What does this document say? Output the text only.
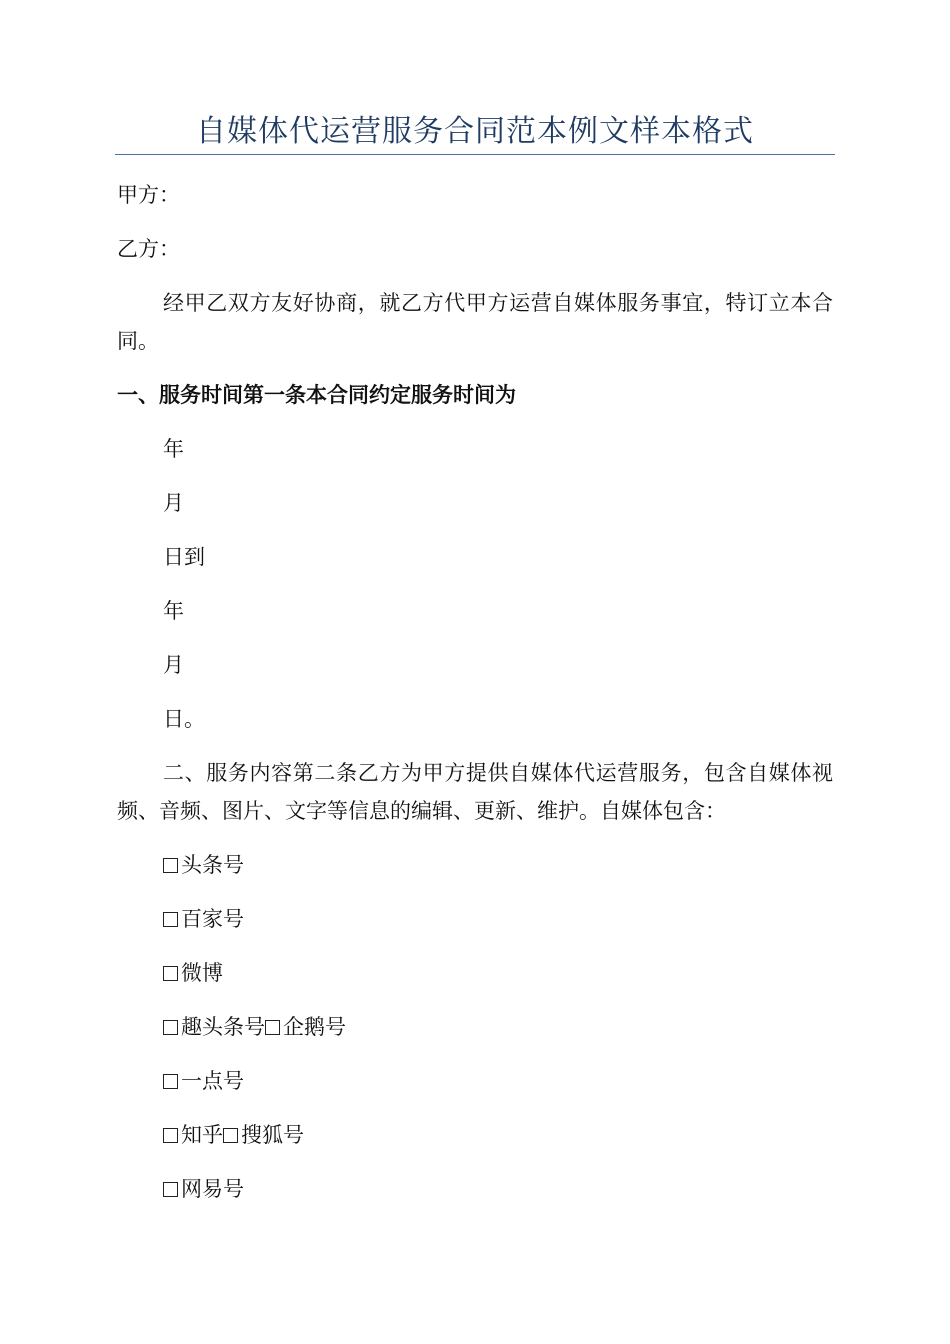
自媒体代运营服务合同范本例文样本格式
甲方：
乙方：
经甲乙双方友好协商，就乙方代甲方运营自媒体服务事宜，特订立本合同。
一、服务时间第一条本合同约定服务时间为
年
月
日到
年
月
日。
二、服务内容第二条乙方为甲方提供自媒体代运营服务，包含自媒体视频、音频、图片、文字等信息的编辑、更新、维护。自媒体包含：
头条号
百家号
微博
趣头条号 企鹅号
一点号
知乎 搜狐号
网易号
